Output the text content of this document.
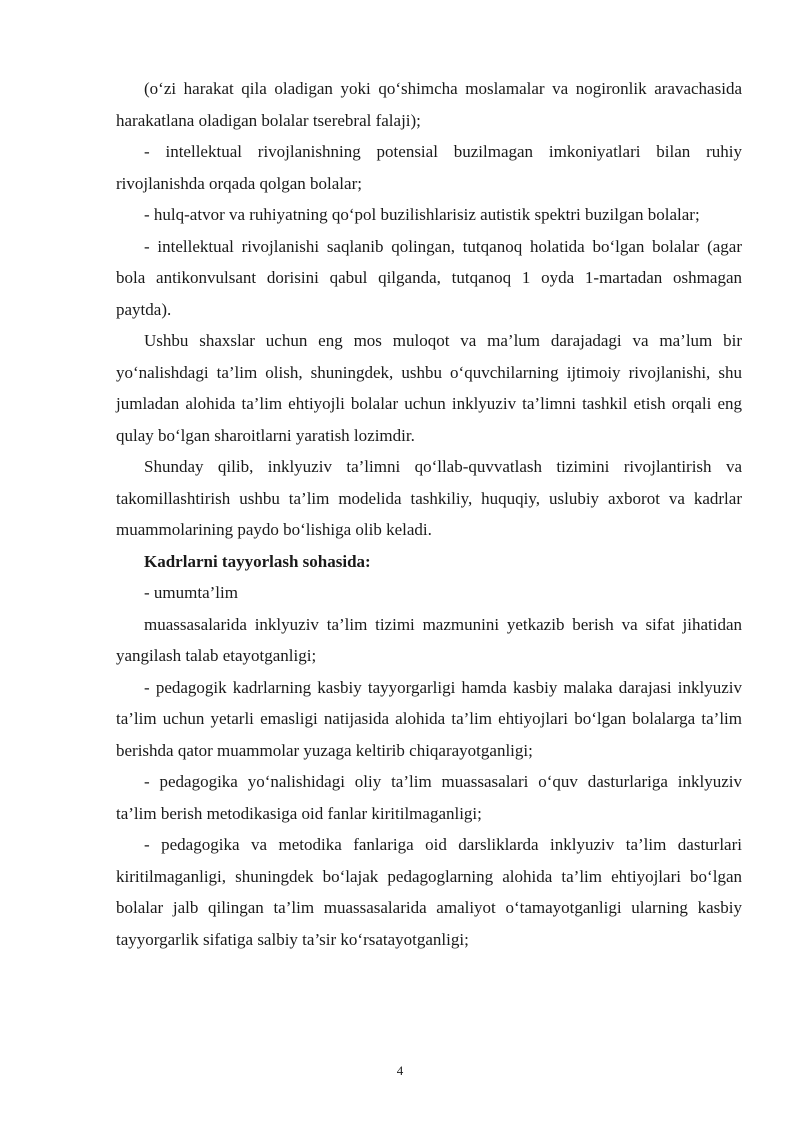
(o‘zi harakat qila oladigan yoki qo‘shimcha moslamalar va nogironlik aravachasida harakatlana oladigan bolalar tserebral falaji);

- intellektual rivojlanishning potensial buzilmagan imkoniyatlari bilan ruhiy rivojlanishda orqada qolgan bolalar;

- hulq-atvor va ruhiyatning qo‘pol buzilishlarisiz autistik spektri buzilgan bolalar;

- intellektual rivojlanishi saqlanib qolingan, tutqanoq holatida bo‘lgan bolalar (agar bola antikonvulsant dorisini qabul qilganda, tutqanoq 1 oyda 1-martadan oshmagan paytda).

Ushbu shaxslar uchun eng mos muloqot va ma’lum darajadagi va ma’lum bir yo‘nalishdagi ta’lim olish, shuningdek, ushbu o‘quvchilarning ijtimoiy rivojlanishi, shu jumladan alohida ta’lim ehtiyojli bolalar uchun inklyuziv ta’limni tashkil etish orqali eng qulay bo‘lgan sharoitlarni yaratish lozimdir.

Shunday qilib, inklyuziv ta’limni qo‘llab-quvvatlash tizimini rivojlantirish va takomillashtirish ushbu ta’lim modelida tashkiliy, huquqiy, uslubiy axborot va kadrlar muammolarining paydo bo‘lishiga olib keladi.

Kadrlarni tayyorlash sohasida:

- umumta’lim

muassasalarida inklyuziv ta’lim tizimi mazmunini yetkazib berish va sifat jihatidan yangilash talab etayotganligi;

- pedagogik kadrlarning kasbiy tayyorgarligi hamda kasbiy malaka darajasi inklyuziv ta’lim uchun yetarli emasligi natijasida alohida ta’lim ehtiyojlari bo‘lgan bolalarga ta’lim berishda qator muammolar yuzaga keltirib chiqarayotganligi;

- pedagogika yo‘nalishidagi oliy ta’lim muassasalari o‘quv dasturlariga inklyuziv ta’lim berish metodikasiga oid fanlar kiritilmaganligi;

- pedagogika va metodika fanlariga oid darsliklarda inklyuziv ta’lim dasturlari kiritilmaganligi, shuningdek bo‘lajak pedagoglarning alohida ta’lim ehtiyojlari bo‘lgan bolalar jalb qilingan ta’lim muassasalarida amaliyot o‘tamayotganligi ularning kasbiy tayyorgarlik sifatiga salbiy ta’sir ko‘rsatayotganligi;

4
